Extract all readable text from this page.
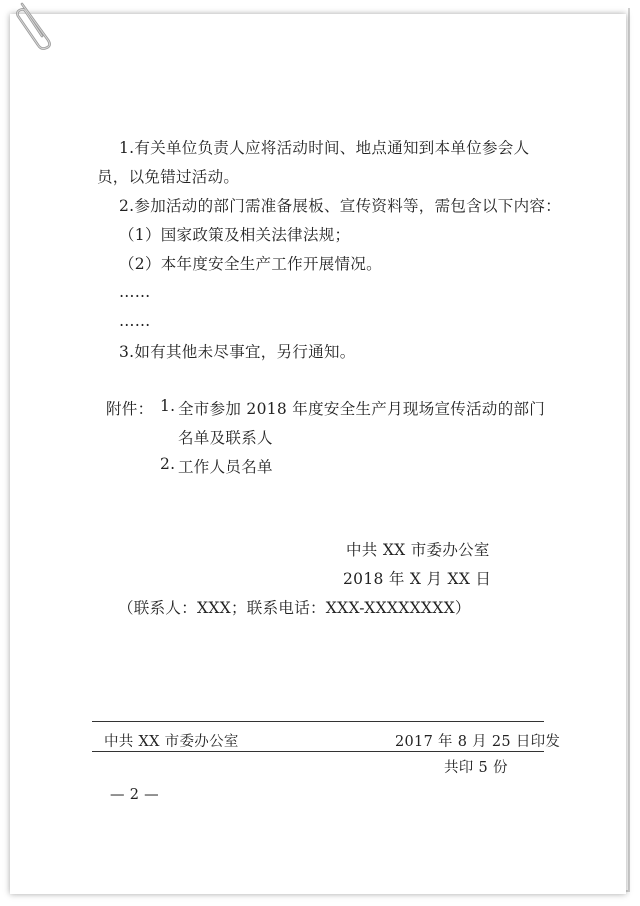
1.有关单位负责人应将活动时间、地点通知到本单位参会人
员，以免错过活动。
2.参加活动的部门需准备展板、宣传资料等，需包含以下内容：
（1）国家政策及相关法律法规；
（2）本年度安全生产工作开展情况。
……
……
3.如有其他未尽事宜，另行通知。
附件： 1. 全市参加 2018 年度安全生产月现场宣传活动的部门
名单及联系人
2. 工作人员名单
中共 XX 市委办公室
2018 年 X 月 XX 日
（联系人：XXX；联系电话：XXX-XXXXXXXX）
中共 XX 市委办公室	2017 年 8 月 25 日印发
共印 5 份
— 2 —
